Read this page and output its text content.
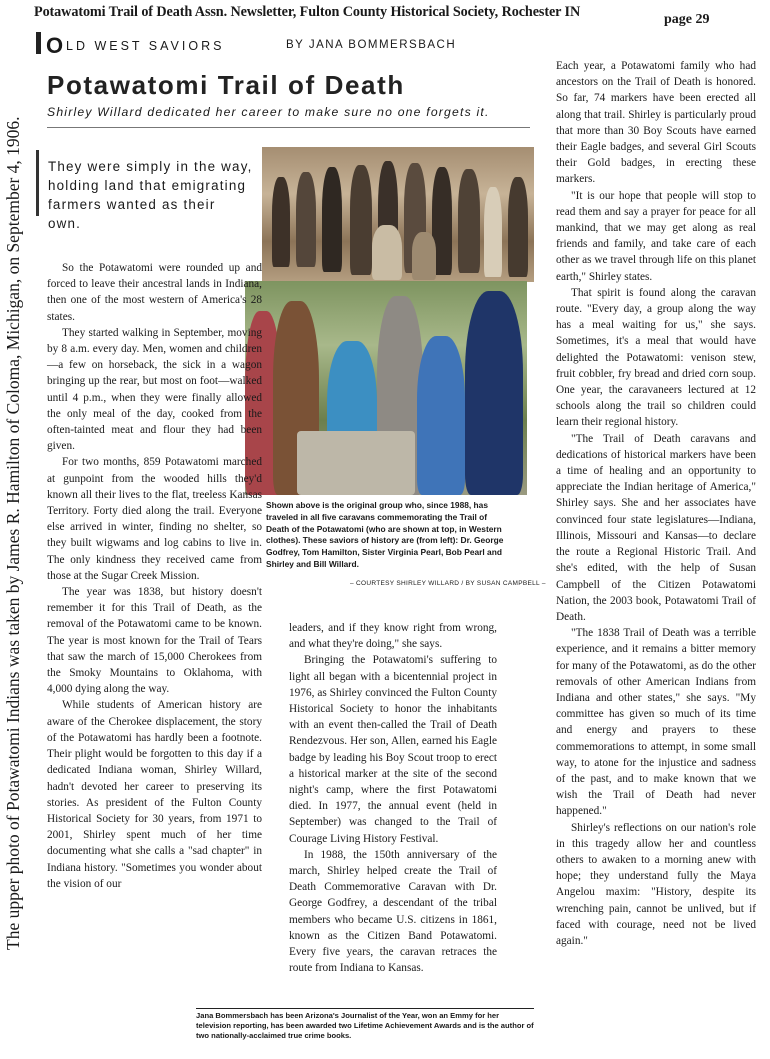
Potawatomi Trail of Death Assn. Newsletter, Fulton County Historical Society, Rochester IN	page 29
The upper photo of Potawatomi Indians was taken by James R. Hamilton of Coloma, Michigan, on September 4, 1906.
O LD WEST SAVIORS	BY JANA BOMMERSBACH
Potawatomi Trail of Death
Shirley Willard dedicated her career to make sure no one forgets it.
They were simply in the way, holding land that emigrating farmers wanted as their own.
Shown above is the original group who, since 1988, has traveled in all five caravans commemorating the Trail of Death of the Potawatomi (who are shown at top, in Western clothes). These saviors of history are (from left): Dr. George Godfrey, Tom Hamilton, Sister Virginia Pearl, Bob Pearl and Shirley and Bill Willard.
– COURTESY SHIRLEY WILLARD / BY SUSAN CAMPBELL –

So the Potawatomi were rounded up and forced to leave their ancestral lands in Indiana, then one of the most western of America's 28 states.

They started walking in September, moving by 8 a.m. every day. Men, women and children—a few on horseback, the sick in a wagon bringing up the rear, but most on foot—walked until 4 p.m., when they were finally allowed the only meal of the day, cooked from the often-tainted meat and flour they had been given.

For two months, 859 Potawatomi marched at gunpoint from the wooded hills they'd known all their lives to the flat, treeless Kansas Territory. Forty died along the trail. Everyone else arrived in winter, finding no shelter, so they built wigwams and log cabins to live in. The only kindness they received came from those at the Sugar Creek Mission.

The year was 1838, but history doesn't remember it for this Trail of Death, as the removal of the Potawatomi came to be known. The year is most known for the Trail of Tears that saw the march of 15,000 Cherokees from the Smoky Mountains to Oklahoma, with 4,000 dying along the way.

While students of American history are aware of the Cherokee displacement, the story of the Potawatomi has hardly been a footnote. Their plight would be forgotten to this day if a dedicated Indiana woman, Shirley Willard, hadn't devoted her career to preserving its stories. As president of the Fulton County Historical Society for 30 years, from 1971 to 2001, Shirley spent much of her time documenting what she calls a "sad chapter" in Indiana history. "Sometimes you wonder about the vision of our

leaders, and if they know right from wrong, and what they're doing," she says.

Bringing the Potawatomi's suffering to light all began with a bicentennial project in 1976, as Shirley convinced the Fulton County Historical Society to honor the inhabitants with an event then-called the Trail of Death Rendezvous. Her son, Allen, earned his Eagle badge by leading his Boy Scout troop to erect a historical marker at the site of the second night's camp, where the first Potawatomi died. In 1977, the annual event (held in September) was changed to the Trail of Courage Living History Festival.

In 1988, the 150th anniversary of the march, Shirley helped create the Trail of Death Commemorative Caravan with Dr. George Godfrey, a descendant of the tribal members who became U.S. citizens in 1861, known as the Citizen Band Potawatomi. Every five years, the caravan retraces the route from Indiana to Kansas.

Each year, a Potawatomi family who had ancestors on the Trail of Death is honored. So far, 74 markers have been erected all along that trail. Shirley is particularly proud that more than 30 Boy Scouts have earned their Eagle badges, and several Girl Scouts their Gold badges, in erecting these markers.

"It is our hope that people will stop to read them and say a prayer for peace for all mankind, that we may get along as real friends and family, and take care of each other as we travel through life on this planet earth," Shirley states.

That spirit is found along the caravan route. "Every day, a group along the way has a meal waiting for us," she says. Sometimes, it's a meal that would have delighted the Potawatomi: venison stew, fruit cobbler, fry bread and dried corn soup. One year, the caravaneers lectured at 12 schools along the trail so children could learn their regional history.

"The Trail of Death caravans and dedications of historical markers have been a time of healing and an opportunity to appreciate the Indian heritage of America," Shirley says. She and her associates have convinced four state legislatures—Indiana, Illinois, Missouri and Kansas—to declare the route a Regional Historic Trail. And she's edited, with the help of Susan Campbell of the Citizen Potawatomi Nation, the 2003 book, Potawatomi Trail of Death.

"The 1838 Trail of Death was a terrible experience, and it remains a bitter memory for many of the Potawatomi, as do the other removals of other American Indians from Indiana and other states," she says. "My committee has given so much of its time and energy and prayers to these commemorations to attempt, in some small way, to atone for the injustice and sadness of the past, and to make known that we wish the Trail of Death had never happened."

Shirley's reflections on our nation's role in this tragedy allow her and countless others to awaken to a morning anew with hope; they understand fully the Maya Angelou maxim: "History, despite its wrenching pain, cannot be unlived, but if faced with courage, need not be lived again."

Jana Bommersbach has been Arizona's Journalist of the Year, won an Emmy for her television reporting, has been awarded two Lifetime Achievement Awards and is the author of two nationally-acclaimed true crime books.
